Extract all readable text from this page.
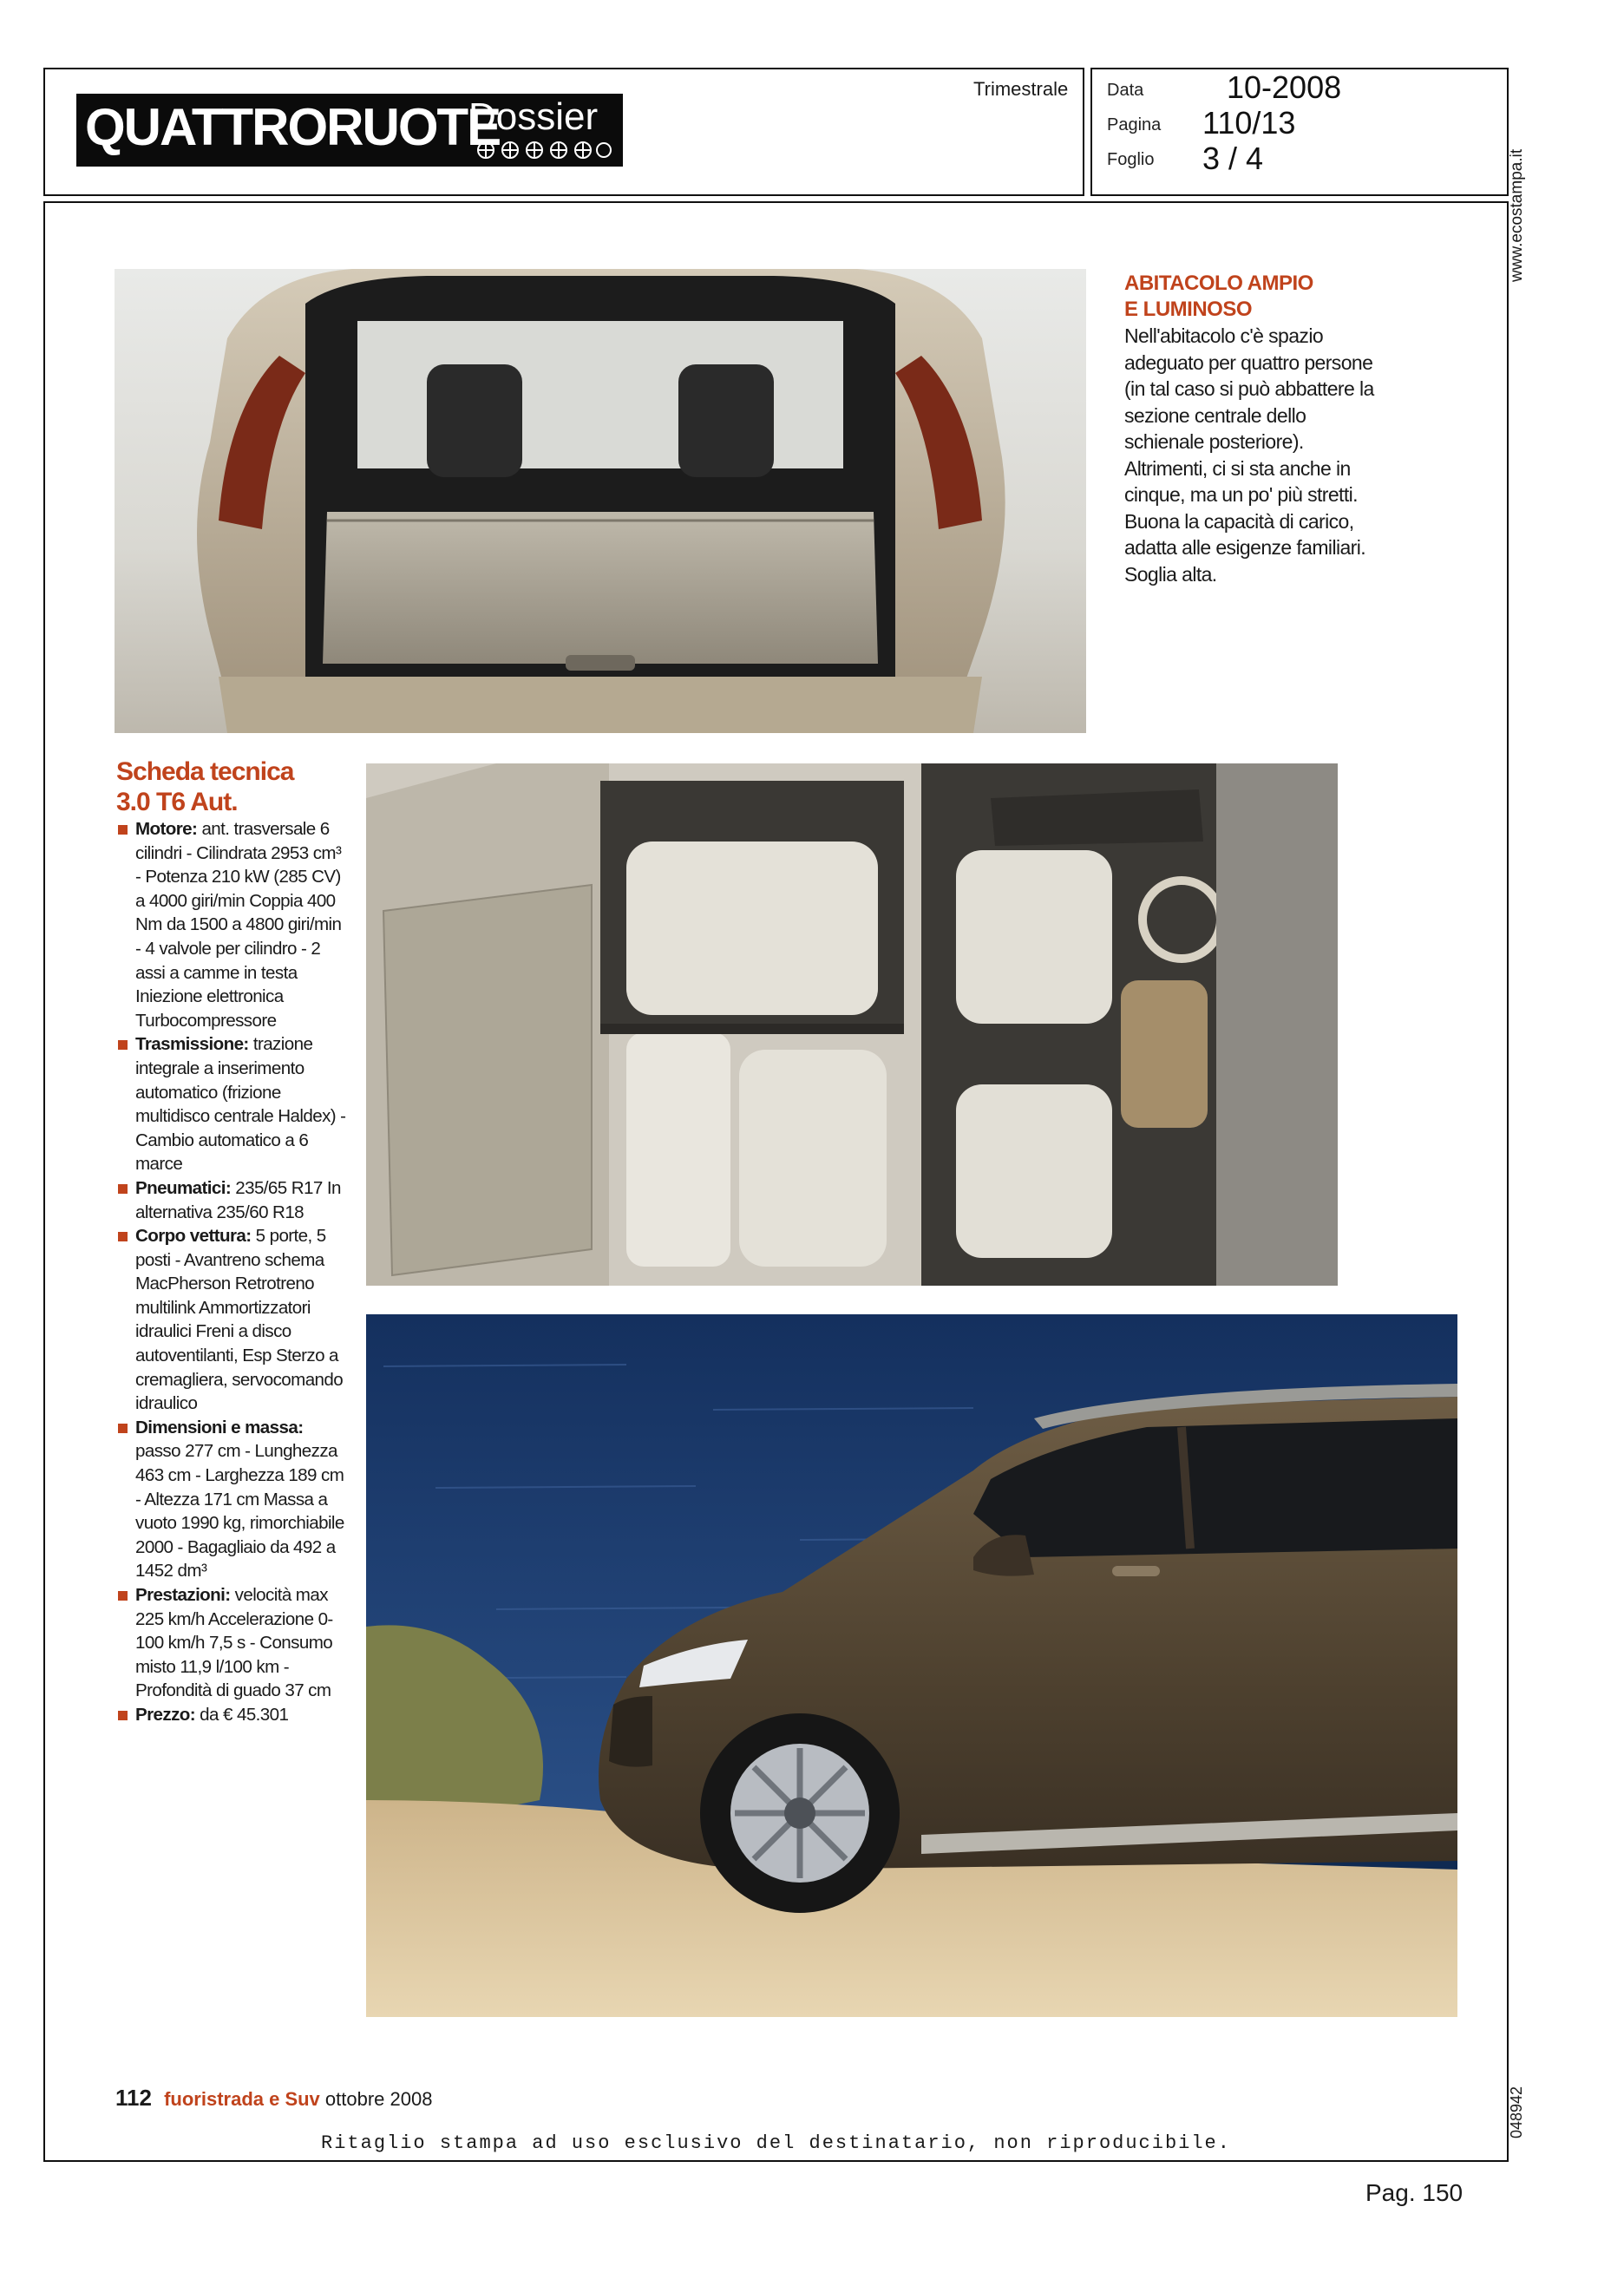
QUATTRORUOTE
Dossier
Trimestrale Data	10-2008
Pagina 110/13
Foglio 3 / 4
ABITACOLO AMPIO
E LUMINOSO
Nell'abitacolo c'è spazio adeguato per quattro persone (in tal caso si può abbattere la sezione centrale dello schienale posteriore). Altrimenti, ci si sta anche in cinque, ma un po' più stretti. Buona la capacità di carico, adatta alle esigenze familiari. Soglia alta.
Scheda tecnica
3.0 T6 Aut.
Motore: ant. trasversale 6 cilindri - Cilindrata 2953 cm³ - Potenza 210 kW (285 CV) a 4000 giri/min Coppia 400 Nm da 1500 a 4800 giri/min - 4 valvole per cilindro - 2 assi a camme in testa Iniezione elettronica Turbocompressore
Trasmissione: trazione integrale a inserimento automatico (frizione multidisco centrale Haldex) - Cambio automatico a 6 marce
Pneumatici: 235/65 R17 In alternativa 235/60 R18
Corpo vettura: 5 porte, 5 posti - Avantreno schema MacPherson Retrotreno multilink Ammortizzatori idraulici Freni a disco autoventilanti, Esp Sterzo a cremagliera, servocomando idraulico
Dimensioni e massa: passo 277 cm - Lunghezza 463 cm - Larghezza 189 cm - Altezza 171 cm Massa a vuoto 1990 kg, rimorchiabile 2000 - Bagagliaio da 492 a 1452 dm³
Prestazioni: velocità max 225 km/h Accelerazione 0-100 km/h 7,5 s - Consumo misto 11,9 l/100 km - Profondità di guado 37 cm
Prezzo: da € 45.301
112 fuoristrada e Suv ottobre 2008
Ritaglio stampa ad uso esclusivo del destinatario, non riproducibile.
Pag. 150
www.ecostampa.it
048942
